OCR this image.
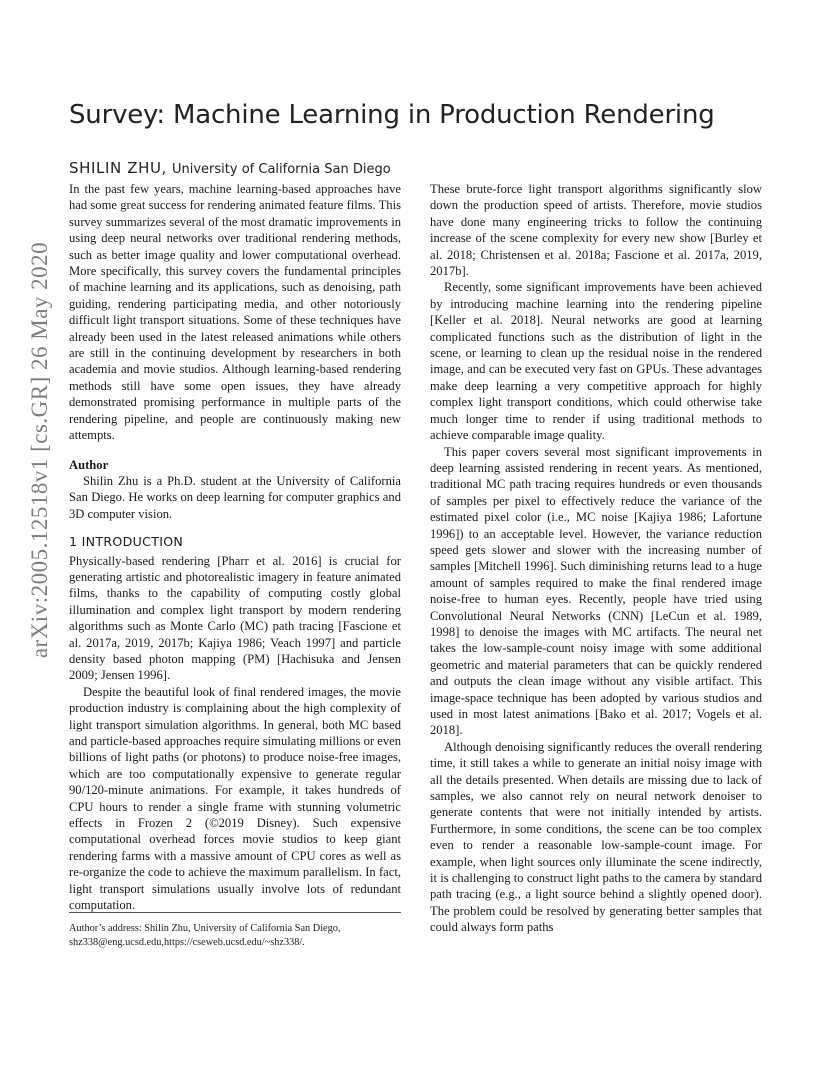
arXiv:2005.12518v1 [cs.GR] 26 May 2020
Survey: Machine Learning in Production Rendering
SHILIN ZHU, University of California San Diego

In the past few years, machine learning-based approaches have had some great success for rendering animated feature films. This survey summarizes several of the most dramatic improvements in using deep neural networks over traditional rendering methods, such as better image quality and lower computational overhead. More specifically, this survey covers the fundamental principles of machine learning and its applications, such as denoising, path guiding, rendering participating media, and other notoriously difficult light transport situations. Some of these techniques have already been used in the latest released animations while others are still in the continuing development by researchers in both academia and movie studios. Although learning-based rendering methods still have some open issues, they have already demonstrated promising performance in multiple parts of the rendering pipeline, and people are continuously making new attempts.

Author

Shilin Zhu is a Ph.D. student at the University of California San Diego. He works on deep learning for computer graphics and 3D computer vision.

1 INTRODUCTION

Physically-based rendering [Pharr et al. 2016] is crucial for generating artistic and photorealistic imagery in feature animated films, thanks to the capability of computing costly global illumination and complex light transport by modern rendering algorithms such as Monte Carlo (MC) path tracing [Fascione et al. 2017a, 2019, 2017b; Kajiya 1986; Veach 1997] and particle density based photon mapping (PM) [Hachisuka and Jensen 2009; Jensen 1996].

Despite the beautiful look of final rendered images, the movie production industry is complaining about the high complexity of light transport simulation algorithms. In general, both MC based and particle-based approaches require simulating millions or even billions of light paths (or photons) to produce noise-free images, which are too computationally expensive to generate regular 90/120-minute animations. For example, it takes hundreds of CPU hours to render a single frame with stunning volumetric effects in Frozen 2 (©2019 Disney). Such expensive computational overhead forces movie studios to keep giant rendering farms with a massive amount of CPU cores as well as re-organize the code to achieve the maximum parallelism. In fact, light transport simulations usually involve lots of redundant computation.

Author’s address: Shilin Zhu, University of California San Diego, shz338@eng.ucsd.edu,https://cseweb.ucsd.edu/~shz338/.

These brute-force light transport algorithms significantly slow down the production speed of artists. Therefore, movie studios have done many engineering tricks to follow the continuing increase of the scene complexity for every new show [Burley et al. 2018; Christensen et al. 2018a; Fascione et al. 2017a, 2019, 2017b].

Recently, some significant improvements have been achieved by introducing machine learning into the rendering pipeline [Keller et al. 2018]. Neural networks are good at learning complicated functions such as the distribution of light in the scene, or learning to clean up the residual noise in the rendered image, and can be executed very fast on GPUs. These advantages make deep learning a very competitive approach for highly complex light transport conditions, which could otherwise take much longer time to render if using traditional methods to achieve comparable image quality.

This paper covers several most significant improvements in deep learning assisted rendering in recent years. As mentioned, traditional MC path tracing requires hundreds or even thousands of samples per pixel to effectively reduce the variance of the estimated pixel color (i.e., MC noise [Kajiya 1986; Lafortune 1996]) to an acceptable level. However, the variance reduction speed gets slower and slower with the increasing number of samples [Mitchell 1996]. Such diminishing returns lead to a huge amount of samples required to make the final rendered image noise-free to human eyes. Recently, people have tried using Convolutional Neural Networks (CNN) [LeCun et al. 1989, 1998] to denoise the images with MC artifacts. The neural net takes the low-sample-count noisy image with some additional geometric and material parameters that can be quickly rendered and outputs the clean image without any visible artifact. This image-space technique has been adopted by various studios and used in most latest animations [Bako et al. 2017; Vogels et al. 2018].

Although denoising significantly reduces the overall rendering time, it still takes a while to generate an initial noisy image with all the details presented. When details are missing due to lack of samples, we also cannot rely on neural network denoiser to generate contents that were not initially intended by artists. Furthermore, in some conditions, the scene can be too complex even to render a reasonable low-sample-count image. For example, when light sources only illuminate the scene indirectly, it is challenging to construct light paths to the camera by standard path tracing (e.g., a light source behind a slightly opened door). The problem could be resolved by generating better samples that could always form paths
